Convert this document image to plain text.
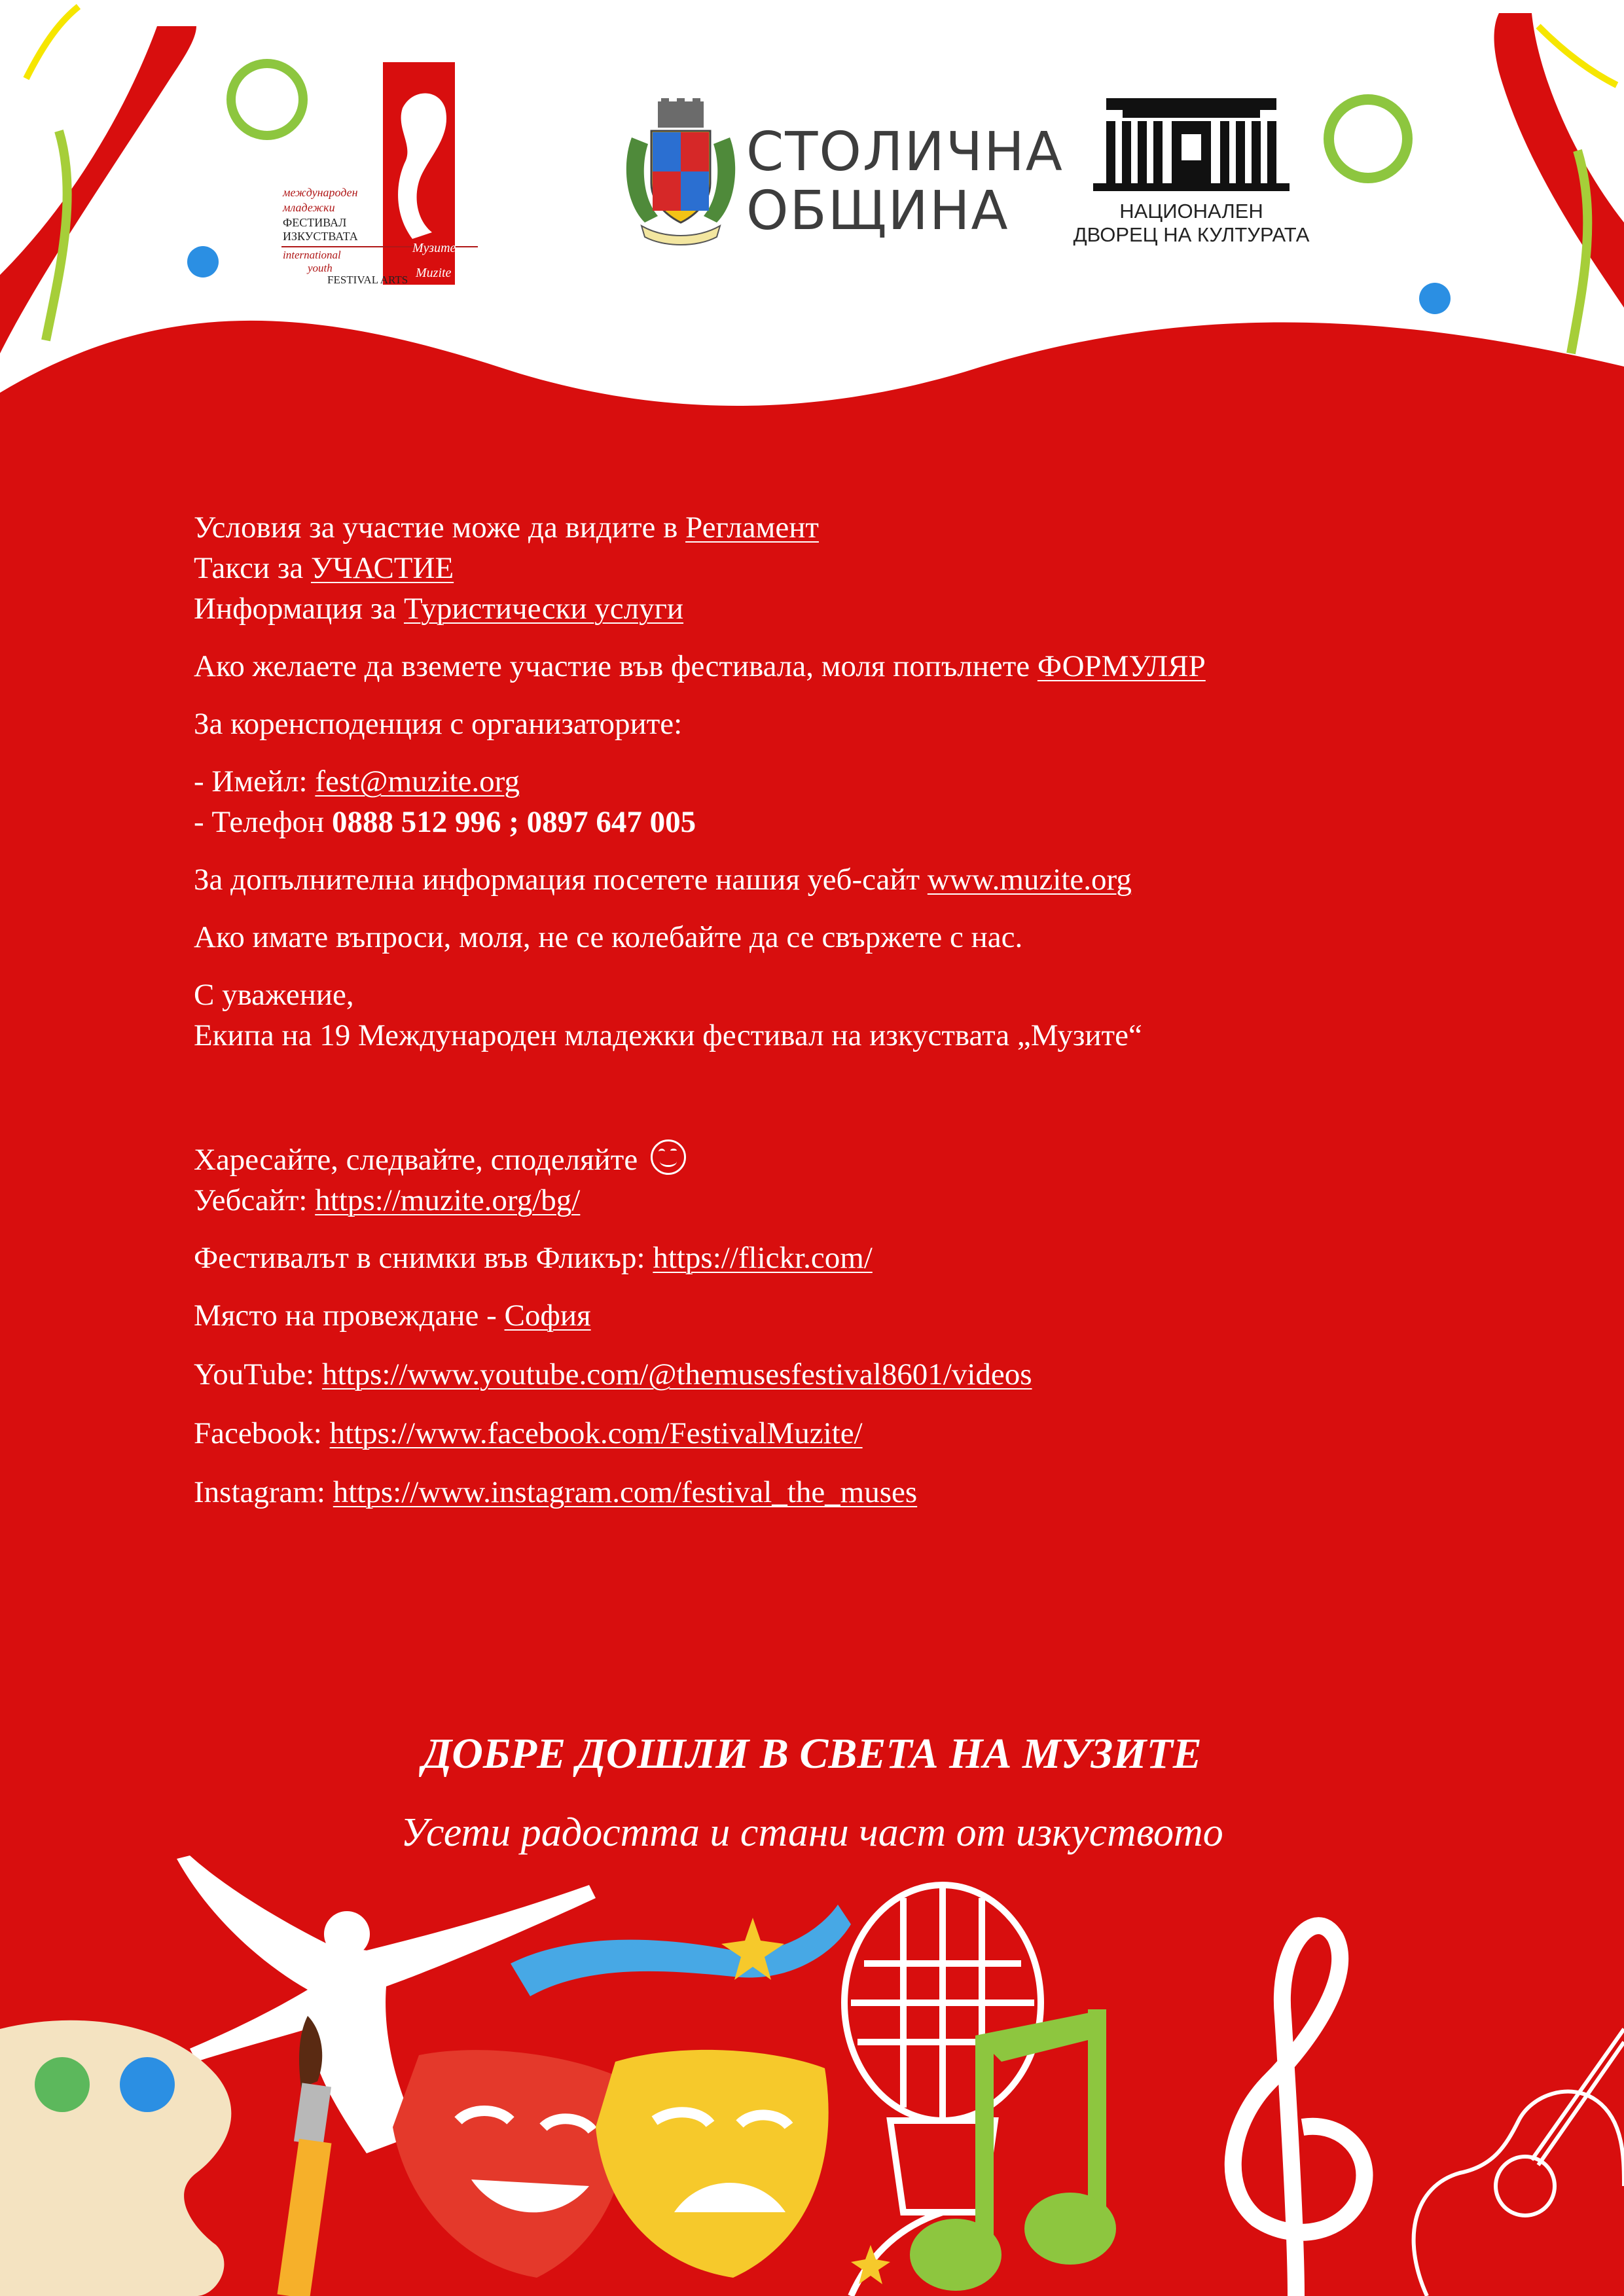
международен
младежки
ФЕСТИВАЛ
ИЗКУСТВАТА
international
youth
FESTIVAL ARTS
Музите
Muzite
СТОЛИЧНА
ОБЩИНА	НАЦИОНАЛЕН
ДВОРЕЦ НА КУЛТУРАТА
Условия за участие може да видите в Регламент
Такси за УЧАСТИЕ
Информация за Туристически услуги
Ако желаете да вземете участие във фестивала, моля попълнете ФОРМУЛЯР
За коренсподенция с организаторите:
- Имейл: fest@muzite.org
- Телефон 0888 512 996 ; 0897 647 005
За допълнителна информация посетете нашия уеб-сайт www.muzite.org
Ако имате въпроси, моля, не се колебайте да се свържете с нас.
С уважение,
Екипа на 19 Международен младежки фестивал на изкуствата „Музите“
Харесайте, следвайте, споделяйте
Уебсайт: https://muzite.org/bg/
Фестивалът в снимки във Фликър: https://flickr.com/
Място на провеждане - София
YouTube: https://www.youtube.com/@themusesfestival8601/videos
Facebook: https://www.facebook.com/FestivalMuzite/
Instagram: https://www.instagram.com/festival_the_muses
ДОБРЕ ДОШЛИ В СВЕТА НА МУЗИТЕ
Усети радостта и стани част от изкуството
